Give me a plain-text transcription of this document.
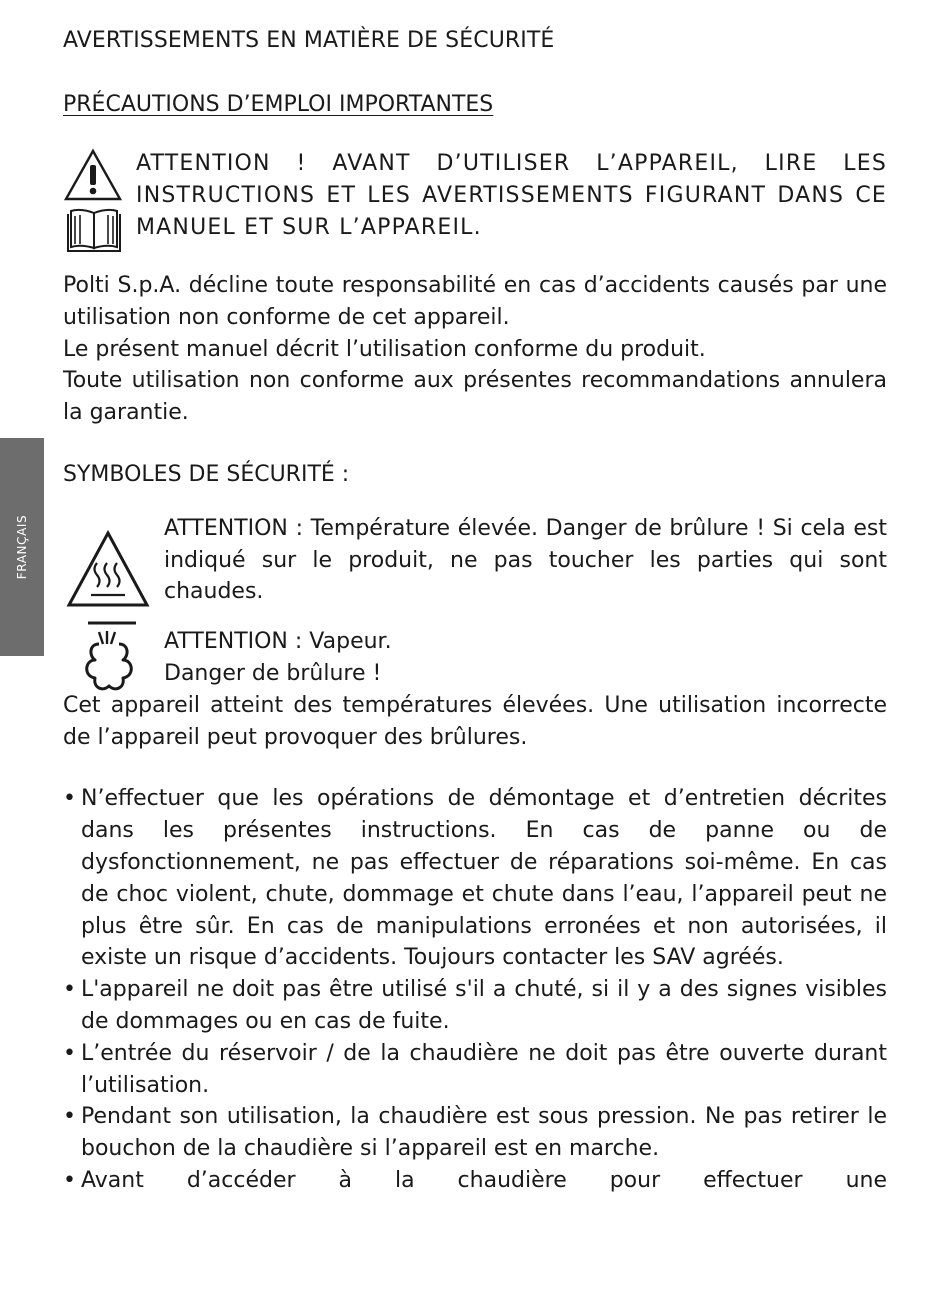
FRANÇAIS
AVERTISSEMENTS EN MATIÈRE DE SÉCURITÉ
PRÉCAUTIONS D’EMPLOI IMPORTANTES
ATTENTION ! AVANT D’UTILISER L’APPAREIL, LIRE LES INSTRUCTIONS ET LES AVERTISSEMENTS FIGURANT DANS CE MANUEL ET SUR L’APPAREIL.
Polti S.p.A. décline toute responsabilité en cas d’accidents causés par une utilisation non conforme de cet appareil.
Le présent manuel décrit l’utilisation conforme du produit.
Toute utilisation non conforme aux présentes recommandations annulera la garantie.
SYMBOLES DE SÉCURITÉ :
ATTENTION : Température élevée. Danger de brûlure ! Si cela est indiqué sur le produit, ne pas toucher les parties qui sont chaudes.
ATTENTION : Vapeur.
Danger de brûlure !
Cet appareil atteint des températures élevées. Une utilisation incorrecte de l’appareil peut provoquer des brûlures.
• N’effectuer que les opérations de démontage et d’entretien décrites dans les présentes instructions. En cas de panne ou de dysfonctionnement, ne pas effectuer de réparations soi-même. En cas de choc violent, chute, dommage et chute dans l’eau, l’appareil peut ne plus être sûr. En cas de manipulations erronées et non autorisées, il existe un risque d’accidents. Toujours contacter les SAV agréés.
• L'appareil ne doit pas être utilisé s'il a chuté, si il y a des signes visibles de dommages ou en cas de fuite.
• L’entrée du réservoir / de la chaudière ne doit pas être ouverte durant l’utilisation.
• Pendant son utilisation, la chaudière est sous pression. Ne pas retirer le bouchon de la chaudière si l’appareil est en marche.
• Avant d’accéder à la chaudière pour effectuer une
